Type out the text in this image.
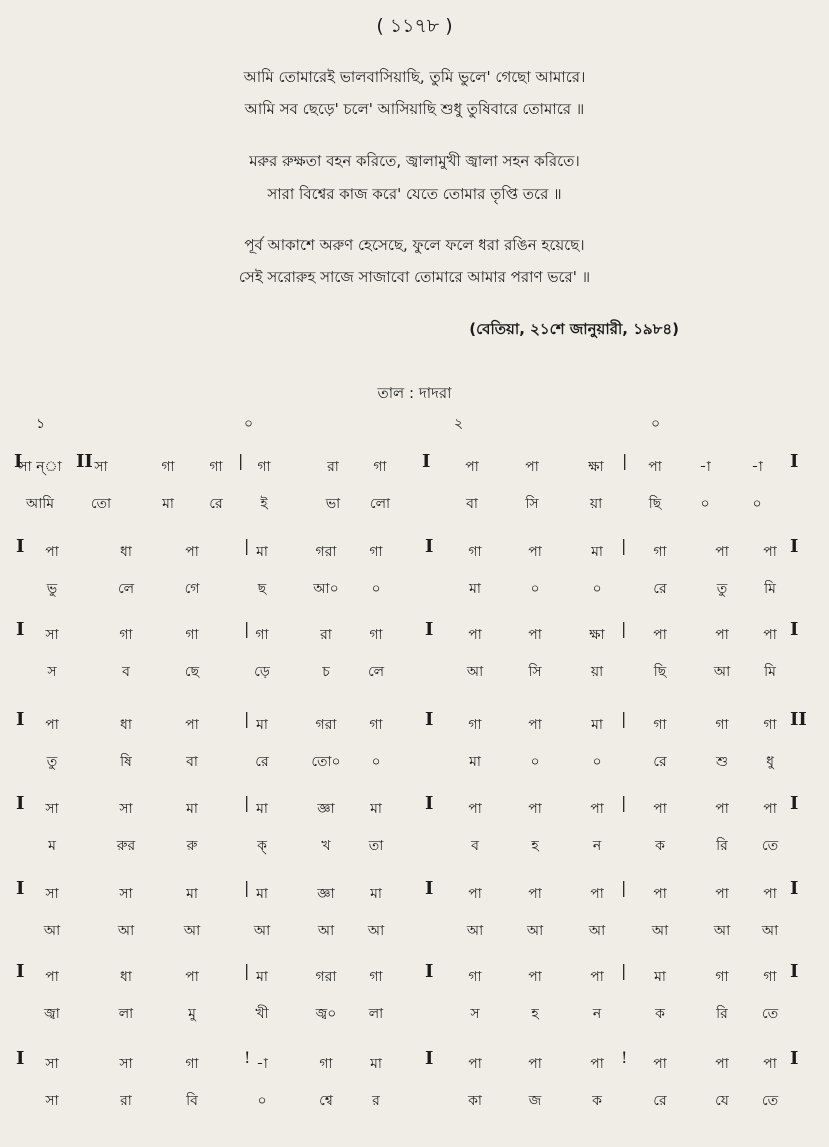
( ১১৭৮ )
আমি তোমারেই ভালবাসিয়াছি, তুমি ভুলে' গেছো আমারে।
আমি সব ছেড়ে' চলে' আসিয়াছি শুধু তুষিবারে তোমারে ॥
মরুর রুক্ষতা বহন করিতে, জ্বালামুখী জ্বালা সহন করিতে।
সারা বিশ্বের কাজ করে' যেতে তোমার তৃপ্তি তরে ॥
পূর্ব আকাশে অরুণ হেসেছে, ফুলে ফলে ধরা রঙিন হয়েছে।
সেই সরোরুহ সাজে সাজাবো তোমারে আমার পরাণ ভরে' ॥
(বেতিয়া, ২১শে জানুয়ারী, ১৯৮৪)
তাল : দাদরা
১	০	২	০
I	II	|	I	|	I
সা ন্‌া	সা	গা	গা	গা	রা	গা	পা	পা	ক্ষা	পা	-া	-া
আমি	তো	মা	রে	ই	ভা	লো	বা	সি	য়া	ছি	০	০
I	|	I	|	I
পা	ধা	পা	মা	গরা	গা	গা	পা	মা	গা	পা	পা
ভু	লে	গে	ছ	আ০	০	মা	০	০	রে	তু	মি
I	|	I	|	I
সা	গা	গা	গা	রা	গা	পা	পা	ক্ষা	পা	পা	পা
স	ব	ছে	ড়ে	চ	লে	আ	সি	য়া	ছি	আ	মি
I	|	I	|	II
পা	ধা	পা	মা	গরা	গা	গা	পা	মা	গা	গা	গা
তু	ষি	বা	রে	তো০	০	মা	০	০	রে	শু	ধু
I	|	I	|	I
সা	সা	মা	মা	জ্ঞা	মা	পা	পা	পা	পা	পা	পা
ম	রুর	রু	ক্	খ	তা	ব	হ	ন	ক	রি	তে
I	|	I	|	I
সা	সা	মা	মা	জ্ঞা	মা	পা	পা	পা	পা	পা	পা
আ	আ	আ	আ	আ	আ	আ	আ	আ	আ	আ	আ
I	|	I	|	I
পা	ধা	পা	মা	গরা	গা	গা	পা	পা	মা	গা	গা
জ্বা	লা	মু	খী	জ্ব০	লা	স	হ	ন	ক	রি	তে
I	!	I	!	I
সা	সা	গা	-া	গা	মা	পা	পা	পা	পা	পা	পা
সা	রা	বি	০	শ্বে	র	কা	জ	ক	রে	যে	তে
